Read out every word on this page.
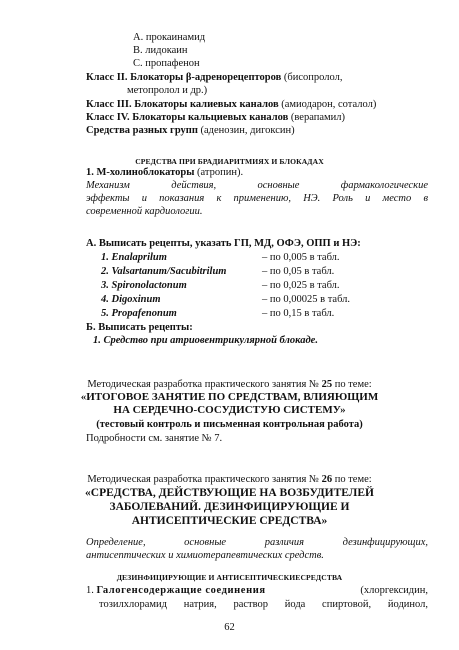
А. прокаинамид
В. лидокаин
С. пропафенон
Класс II. Блокаторы β-адренорецепторов (бисопролол,
метопролол и др.)
Класс III. Блокаторы калиевых каналов (амиодарон, соталол)
Класс IV. Блокаторы кальциевых каналов (верапамил)
Средства разных групп (аденозин, дигоксин)
СРЕДСТВА ПРИ БРАДИАРИТМИЯХ И БЛОКАДАХ
1. М-холиноблокаторы (атропин).
Механизм действия, основные фармакологические
эффекты и показания к применению, НЭ. Роль и место в
современной кардиологии.
А. Выписать рецепты, указать ГП, МД, ОФЭ, ОПП и НЭ:
1. Enalaprilum	– по 0,005 в табл.
2. Valsartanum/Sacubitrilum	– по 0,05 в табл.
3. Spironolactonum	– по 0,025 в табл.
4. Digoxinum	– по 0,00025 в табл.
5. Propafenonum	– по 0,15 в табл.
Б. Выписать рецепты:
1. Средство при атриовентрикулярной блокаде.
Методическая разработка практического занятия № 25 по теме:
«ИТОГОВОЕ ЗАНЯТИЕ ПО СРЕДСТВАМ, ВЛИЯЮЩИМ
НА СЕРДЕЧНО-СОСУДИСТУЮ СИСТЕМУ»
(тестовый контроль и письменная контрольная работа)
Подробности см. занятие № 7.
Методическая разработка практического занятия № 26 по теме:
«СРЕДСТВА, ДЕЙСТВУЮЩИЕ НА ВОЗБУДИТЕЛЕЙ
ЗАБОЛЕВАНИЙ. ДЕЗИНФИЦИРУЮЩИЕ И
АНТИСЕПТИЧЕСКИЕ СРЕДСТВА»
Определение, основные различия дезинфицирующих,
антисептических и химиотерапевтических средств.
ДЕЗИНФИЦИРУЮЩИЕ И АНТИСЕПТИЧЕСКИЕСРЕДСТВА
1. Галогенсодержащие соединения	(хлоргексидин,
тозилхлорамид натрия, раствор йода спиртовой, йодинол,
62
